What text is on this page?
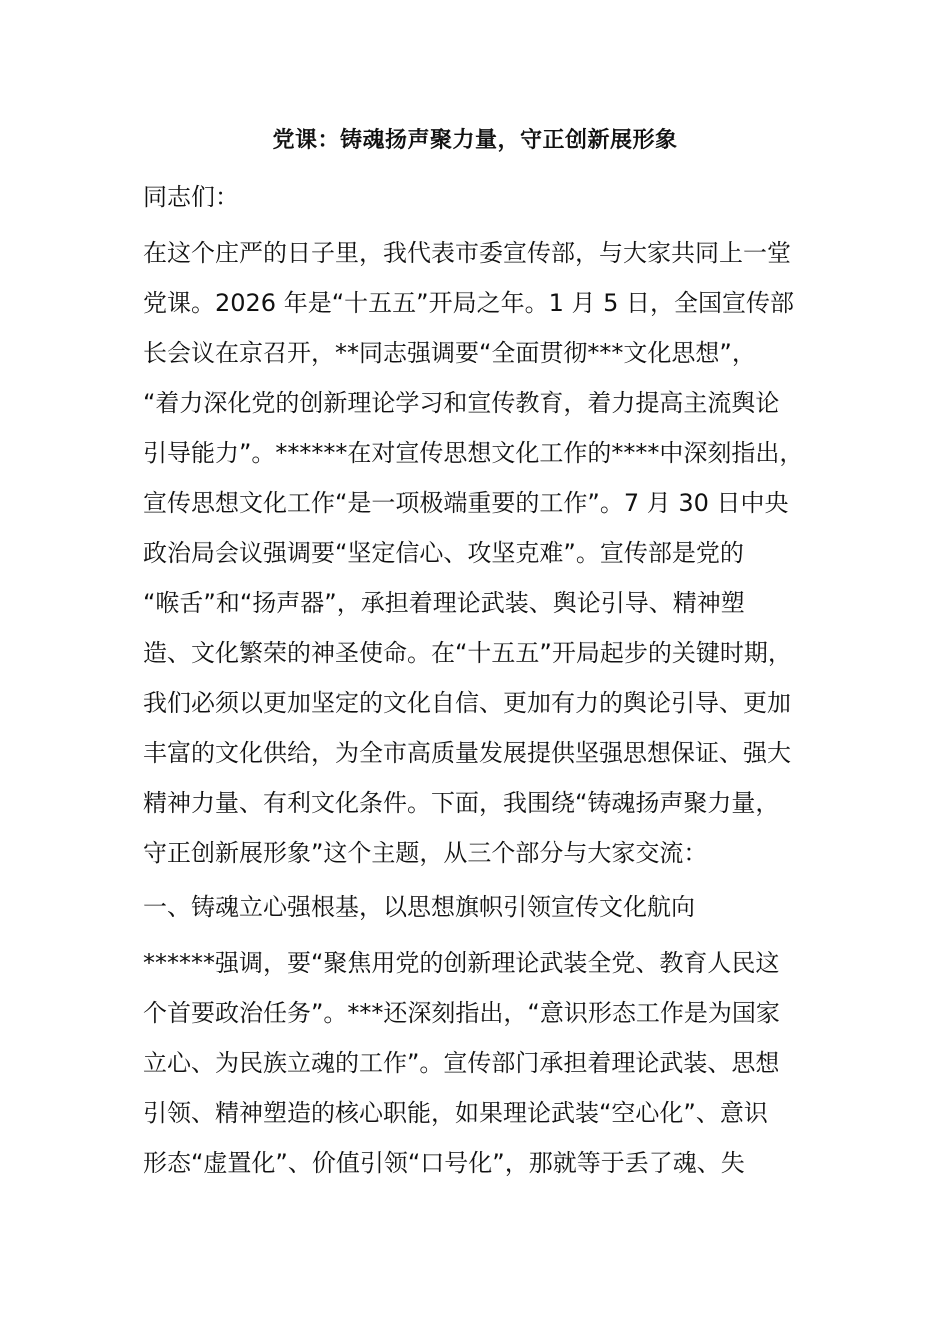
党课：铸魂扬声聚力量，守正创新展形象
同志们：
在这个庄严的日子里，我代表市委宣传部，与大家共同上一堂
党课。2026 年是“十五五”开局之年。1 月 5 日，全国宣传部
长会议在京召开，**同志强调要“全面贯彻***文化思想”，
“着力深化党的创新理论学习和宣传教育，着力提高主流舆论
引导能力”。******在对宣传思想文化工作的****中深刻指出，
宣传思想文化工作“是一项极端重要的工作”。7 月 30 日中央
政治局会议强调要“坚定信心、攻坚克难”。宣传部是党的
“喉舌”和“扬声器”，承担着理论武装、舆论引导、精神塑
造、文化繁荣的神圣使命。在“十五五”开局起步的关键时期，
我们必须以更加坚定的文化自信、更加有力的舆论引导、更加
丰富的文化供给，为全市高质量发展提供坚强思想保证、强大
精神力量、有利文化条件。下面，我围绕“铸魂扬声聚力量，
守正创新展形象”这个主题，从三个部分与大家交流：
一、铸魂立心强根基，以思想旗帜引领宣传文化航向
******强调，要“聚焦用党的创新理论武装全党、教育人民这
个首要政治任务”。***还深刻指出，“意识形态工作是为国家
立心、为民族立魂的工作”。宣传部门承担着理论武装、思想
引领、精神塑造的核心职能，如果理论武装“空心化”、意识
形态“虚置化”、价值引领“口号化”，那就等于丢了魂、失
